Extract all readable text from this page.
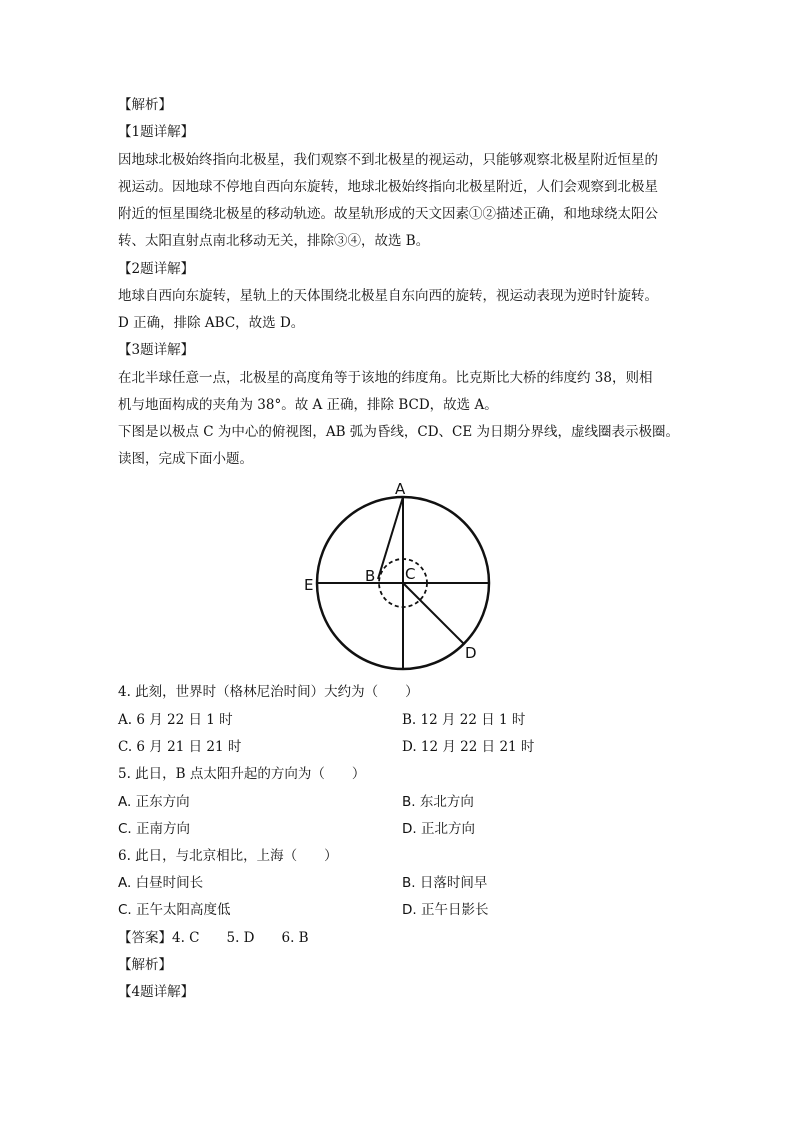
【解析】
【1题详解】
因地球北极始终指向北极星，我们观察不到北极星的视运动，只能够观察北极星附近恒星的
视运动。因地球不停地自西向东旋转，地球北极始终指向北极星附近，人们会观察到北极星
附近的恒星围绕北极星的移动轨迹。故星轨形成的天文因素①②描述正确，和地球绕太阳公
转、太阳直射点南北移动无关，排除③④，故选 B。
【2题详解】
地球自西向东旋转，星轨上的天体围绕北极星自东向西的旋转，视运动表现为逆时针旋转。
D 正确，排除 ABC，故选 D。
【3题详解】
在北半球任意一点，北极星的高度角等于该地的纬度角。比克斯比大桥的纬度约 38，则相
机与地面构成的夹角为 38°。故 A 正确，排除 BCD，故选 A。
下图是以极点 C 为中心的俯视图，AB 弧为昏线，CD、CE 为日期分界线，虚线圈表示极圈。
读图，完成下面小题。
A
B C
D
E
4. 此刻，世界时（格林尼治时间）大约为（　　）
A. 6 月 22 日 1 时	B. 12 月 22 日 1 时
C. 6 月 21 日 21 时	D. 12 月 22 日 21 时
5. 此日，B 点太阳升起的方向为（　　）
A. 正东方向	B. 东北方向
C. 正南方向	D. 正北方向
6. 此日，与北京相比，上海（　　）
A. 白昼时间长	B. 日落时间早
C. 正午太阳高度低	D. 正午日影长
【答案】4. C　　5. D　　6. B
【解析】
【4题详解】
